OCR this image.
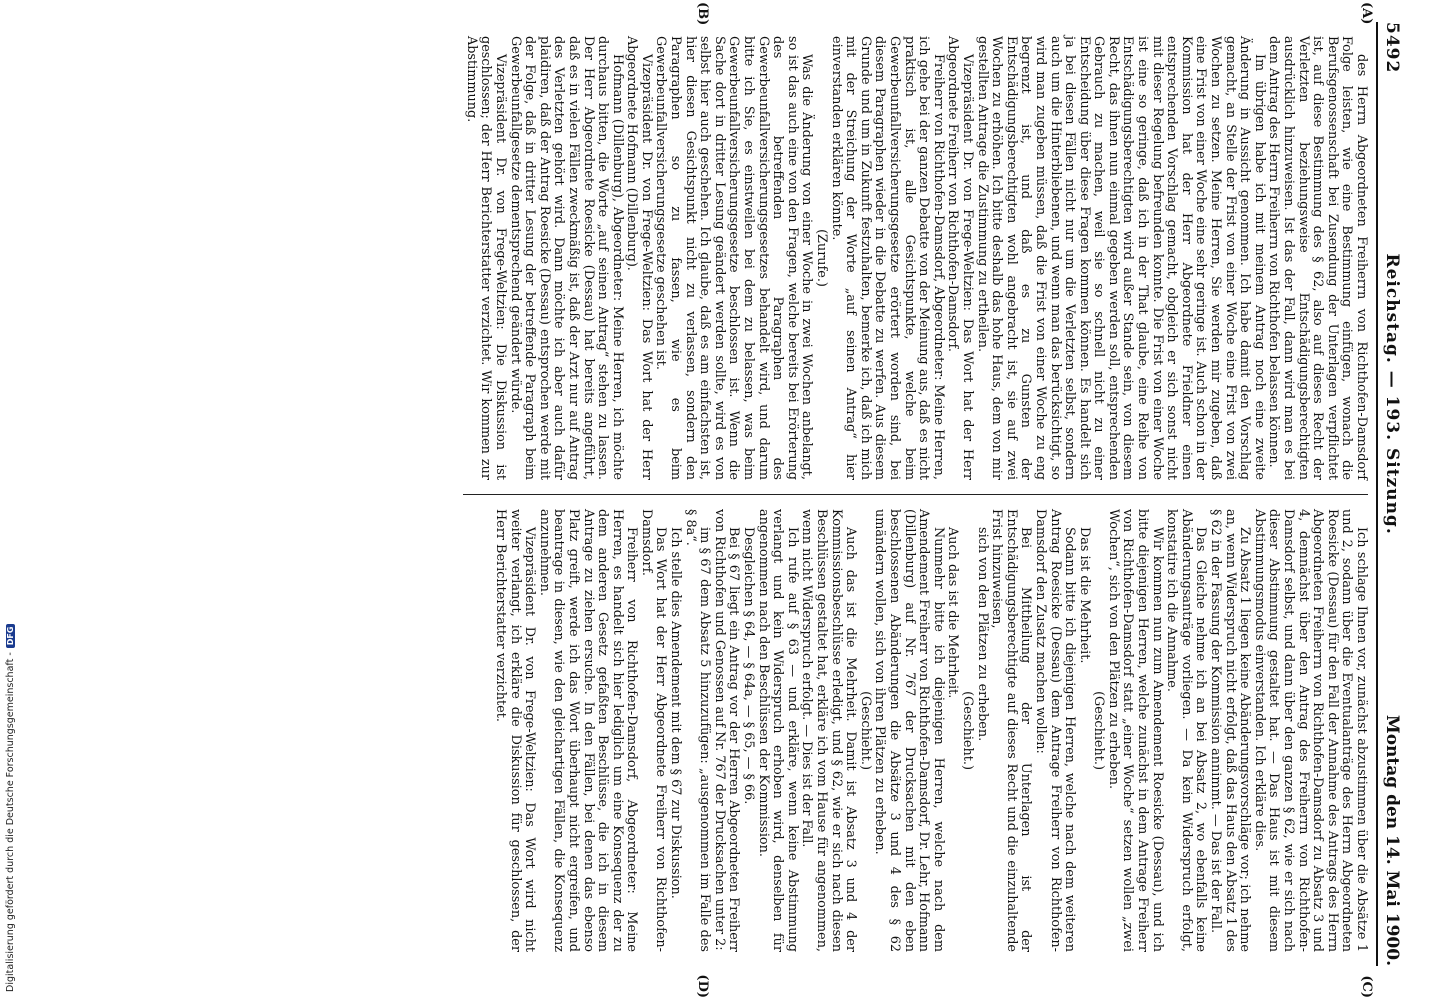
5492
Reichstag. — 193. Sitzung.
Montag den 14. Mai 1900.

des Herrn Abgeordneten Freiherrn von Richthofen-Damsdorf Folge leisten, wie eine Bestimmung einfügen, wonach die Berufsgenossenschaft bei Zusendung der Unterlagen verpflichtet ist, auf diese Bestimmung des § 62, also auf dieses Recht der Verletzten beziehungsweise Entschädigungsberechtigten ausdrücklich hinzuweisen. Ist das der Fall, dann wird man es bei dem Antrag des Herrn Freiherrn von Richthofen belassen können.

Im übrigen habe ich mit meinem Antrag noch eine zweite Änderung in Aussicht genommen. Ich habe damit den Vorschlag gemacht, an Stelle der Frist von einer Woche eine Frist von zwei Wochen zu setzen. Meine Herren, Sie werden mir zugeben, daß eine Frist von einer Woche eine sehr geringe ist. Auch schon in der Kommission hat der Herr Abgeordnete Frieldner einen entsprechenden Vorschlag gemacht, obgleich er sich sonst nicht mit dieser Regelung befreunden konnte. Die Frist von einer Woche ist eine so geringe, daß ich in der That glaube, eine Reihe von Entschädigungsberechtigten wird außer Stande sein, von diesem Recht, das ihnen nun einmal gegeben werden soll, entsprechenden Gebrauch zu machen, weil sie so schnell nicht zu einer Entscheidung über diese Fragen kommen können. Es handelt sich ja bei diesen Fällen nicht nur um die Verletzten selbst, sondern auch um die Hinterbliebenen, und wenn man das berücksichtigt, so wird man zugeben müssen, daß die Frist von einer Woche zu eng begrenzt ist, und daß es zu Gunsten der Entschädigungsberechtigten wohl angebracht ist, sie auf zwei Wochen zu erhöhen. Ich bitte deshalb das hohe Haus, dem von mir gestellten Antrage die Zustimmung zu ertheilen.

Vizepräsident Dr. von Frege-Weltzien: Das Wort hat der Herr Abgeordnete Freiherr von Richthofen-Damsdorf.

Freiherr von Richthofen-Damsdorf, Abgeordneter: Meine Herren, ich gehe bei der ganzen Debatte von der Meinung aus, daß es nicht praktisch ist, alle Gesichtspunkte, welche beim Gewerbeunfallversicherungsgesetze erörtert worden sind, bei diesem Paragraphen wieder in die Debatte zu werfen. Aus diesem Grunde und um in Zukunft festzuhalten, bemerke ich, daß ich mich mit der Streichung der Worte „auf seinen Antrag“ hier einverstanden erklären könnte.

(Zurufe.)

Was die Änderung von einer Woche in zwei Wochen anbelangt, so ist das auch eine von den Fragen, welche bereits bei Erörterung des betreffenden Paragraphen des Gewerbeunfallversicherungsgesetzes behandelt wird, und darum bitte ich Sie, es einstweilen bei dem zu belassen, was beim Gewerbeunfallversicherungsgesetze beschlossen ist. Wenn die Sache dort in dritter Lesung geändert werden sollte, wird es von selbst hier auch geschehen. Ich glaube, daß es am einfachsten ist, hier diesen Gesichtspunkt nicht zu verlassen, sondern den Paragraphen so zu fassen, wie es beim Gewerbeunfallversicherungsgesetze geschehen ist.

Vizepräsident Dr. von Frege-Weltzien: Das Wort hat der Herr Abgeordnete Hofmann (Dillenburg).

Hofmann (Dillenburg), Abgeordneter: Meine Herren, ich möchte durchaus bitten, die Worte „auf seinen Antrag“ stehen zu lassen. Der Herr Abgeordnete Roesicke (Dessau) hat bereits angeführt, daß es in vielen Fällen zweckmäßig ist, daß der Arzt nur auf Antrag des Verletzten gehört wird. Dann möchte ich aber auch dafür plaidiren, daß der Antrag Roesicke (Dessau) entsprochen werde mit der Folge, daß in dritter Lesung der betreffende Paragraph beim Gewerbeunfallgesetze dementsprechend geändert würde.

Vizepräsident Dr. von Frege-Weltzien: Die Diskussion ist geschlossen; der Herr Berichterstatter verzichtet. Wir kommen zur Abstimmung.

Ich schlage Ihnen vor, zunächst abzustimmen über die Absätze 1 und 2, sodann über die Eventualanträge des Herrn Abgeordneten Roesicke (Dessau) für den Fall der Annahme des Antrags des Herrn Abgeordneten Freiherrn von Richthofen-Damsdorf zu Absatz 3 und 4, demnächst über den Antrag des Freiherrn von Richthofen-Damsdorf selbst, und dann über den ganzen § 62, wie er sich nach dieser Abstimmung gestaltet hat. — Das Haus ist mit diesem Abstimmungsmodus einverstanden. Ich erkläre dies.

Zu Absatz 1 liegen keine Abänderungsvorschläge vor; ich nehme an, wenn Widerspruch nicht erfolgt, daß das Haus den Absatz 1 des § 62 in der Fassung der Kommission annimmt. — Das ist der Fall.

Das Gleiche nehme ich an bei Absatz 2, wo ebenfalls keine Abänderungsanträge vorliegen. — Da kein Widerspruch erfolgt, konstatire ich die Annahme.

Wir kommen nun zum Amendement Roesicke (Dessau), und ich bitte diejenigen Herren, welche zunächst in dem Antrage Freiherr von Richthofen-Damsdorf statt „einer Woche“ setzen wollen „zwei Wochen“, sich von den Plätzen zu erheben.

(Geschieht.)

Das ist die Mehrheit.

Sodann bitte ich diejenigen Herren, welche nach dem weiteren Antrag Roesicke (Dessau) dem Antrage Freiherr von Richthofen-Damsdorf den Zusatz machen wollen:

Bei Mittheilung der Unterlagen ist der Entschädigungsberechtigte auf dieses Recht und die einzuhaltende Frist hinzuweisen,

sich von den Plätzen zu erheben.

(Geschieht.)

Auch das ist die Mehrheit.

Nunmehr bitte ich diejenigen Herren, welche nach dem Amendement Freiherr von Richthofen-Damsdorf, Dr. Lehr, Hofmann (Dillenburg) auf Nr. 767 der Drucksachen mit den eben beschlossenen Abänderungen die Absätze 3 und 4 des § 62 umändern wollen, sich von ihren Plätzen zu erheben.

(Geschieht.)

Auch das ist die Mehrheit. Damit ist Absatz 3 und 4 der Kommissionsbeschlüsse erledigt, und § 62, wie er sich nach diesen Beschlüssen gestaltet hat, erkläre ich vom Hause für angenommen, wenn nicht Widerspruch erfolgt. — Dies ist der Fall.

Ich rufe auf § 63 — und erkläre, wenn keine Abstimmung verlangt und kein Widerspruch erhoben wird, denselben für angenommen nach den Beschlüssen der Kommission.

Desgleichen § 64, — § 64a, — § 65, — § 66.

Bei § 67 liegt ein Antrag vor der Herren Abgeordneten Freiherr von Richthofen und Genossen auf Nr. 767 der Drucksachen unter 2:

im § 67 dem Absatz 5 hinzuzufügen: „ausgenommen im Falle des § 8a“.

Ich stelle dies Amendement mit dem § 67 zur Diskussion.

Das Wort hat der Herr Abgeordnete Freiherr von Richthofen-Damsdorf.

Freiherr von Richthofen-Damsdorf, Abgeordneter: Meine Herren, es handelt sich hier lediglich um eine Konsequenz der zu dem anderen Gesetz gefaßten Beschlüsse, die ich in diesem Antrage zu ziehen ersuche. In den Fällen, bei denen das ebenso Platz greift, werde ich das Wort überhaupt nicht ergreifen, und beantrage in diesen, wie den gleichartigen Fällen, die Konsequenz anzunehmen.

Vizepräsident Dr. von Frege-Weltzien: Das Wort wird nicht weiter verlangt, ich erkläre die Diskussion für geschlossen, der Herr Berichterstatter verzichtet.

(A)
(B)
(C)
(D)
Digitalisierung gefördert durch die Deutsche Forschungsgemeinschaft -
DFG
